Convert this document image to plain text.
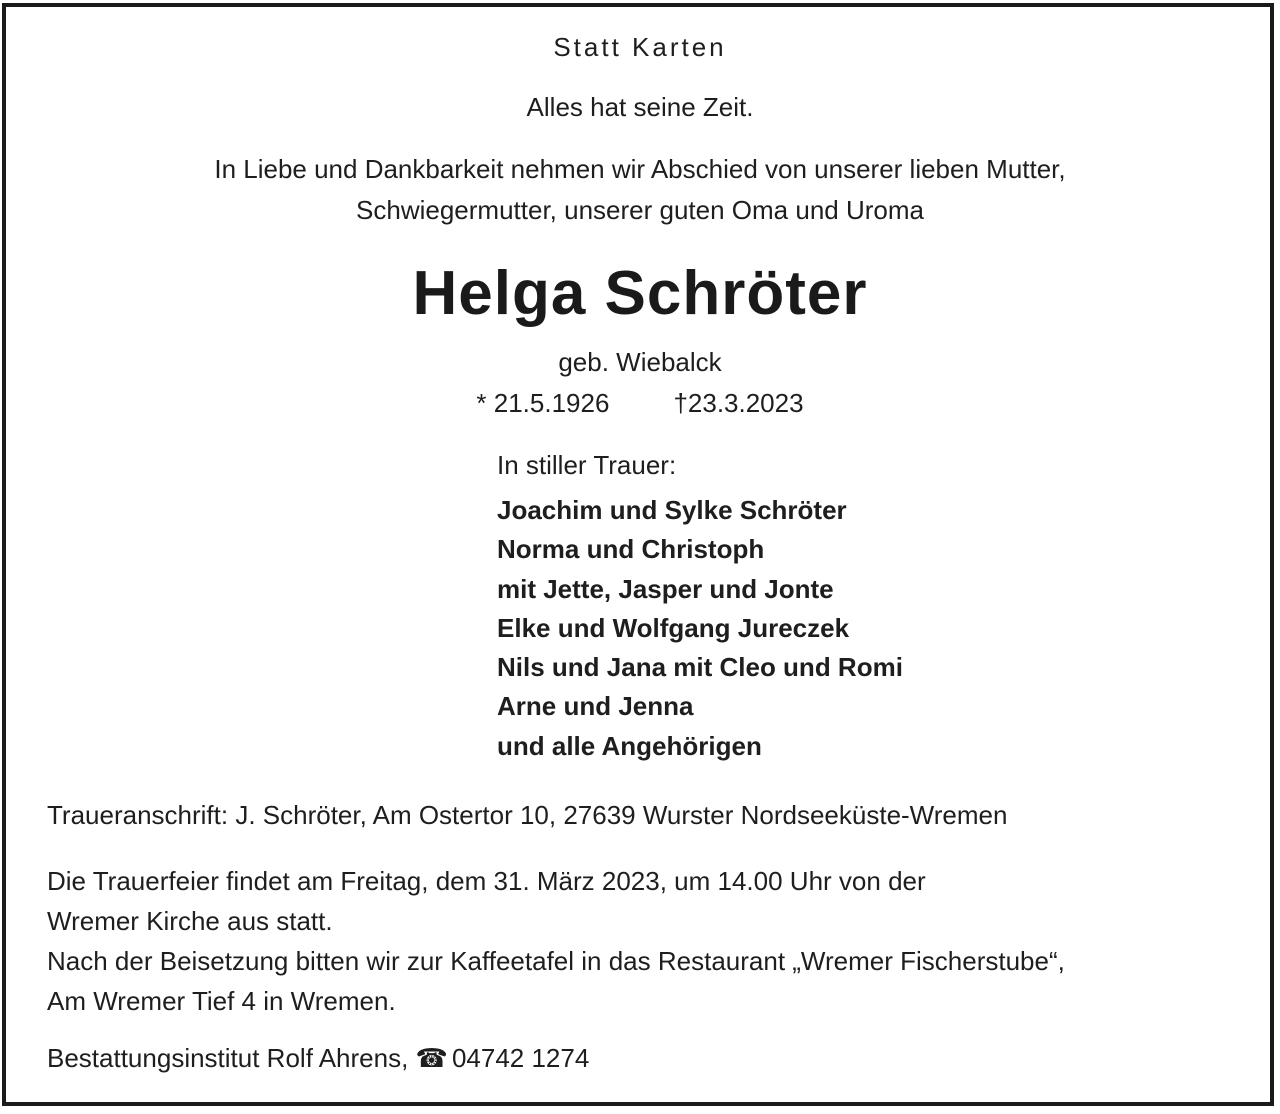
Statt Karten
Alles hat seine Zeit.
In Liebe und Dankbarkeit nehmen wir Abschied von unserer lieben Mutter,
Schwiegermutter, unserer guten Oma und Uroma
Helga Schröter
geb. Wiebalck
* 21.5.1926 †23.3.2023
In stiller Trauer:
Joachim und Sylke Schröter
Norma und Christoph
mit Jette, Jasper und Jonte
Elke und Wolfgang Jureczek
Nils und Jana mit Cleo und Romi
Arne und Jenna
und alle Angehörigen
Traueranschrift: J. Schröter, Am Ostertor 10, 27639 Wurster Nordseeküste-Wremen
Die Trauerfeier findet am Freitag, dem 31. März 2023, um 14.00 Uhr von der
Wremer Kirche aus statt.
Nach der Beisetzung bitten wir zur Kaffeetafel in das Restaurant „Wremer Fischerstube“,
Am Wremer Tief 4 in Wremen.
Bestattungsinstitut Rolf Ahrens, ☎ 04742 1274
